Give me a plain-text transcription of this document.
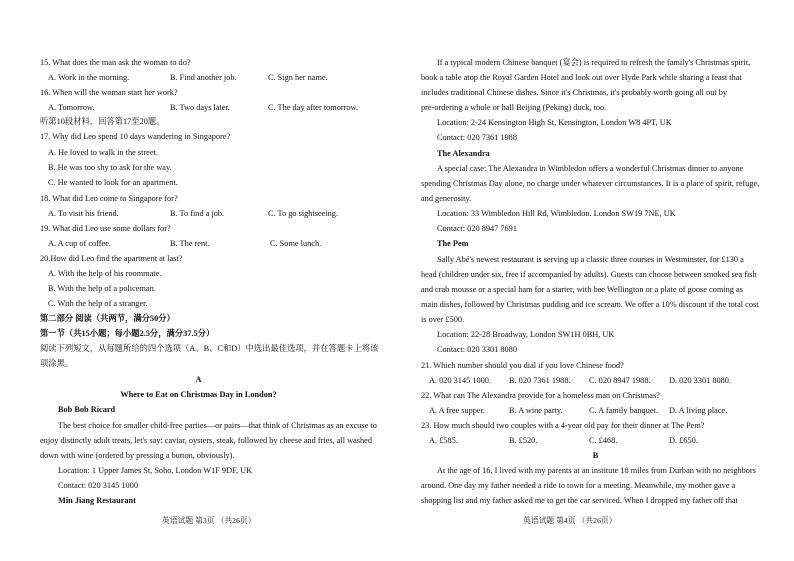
15. What does the man ask the woman to do?
A. Work in the morning.	B. Find another job.	C. Sign her name.
16. When will the woman start her work?
A. Tomorrow.	B. Two days later.	C. The day after tomorrow.
听第10段材料，回答第17至20题。
17. Why did Leo spend 10 days wandering in Singapore?
A. He loved to walk in the street.
B. He was too shy to ask for the way.
C. He wanted to look for an apartment.
18. What did Leo come to Singapore for?
A. To visit his friend.	B. To find a job.	C. To go sightseeing.
19. What did Leo use some dollars for?
A. A cup of coffee.	B. The rent.	C. Some lunch.
20.How did Leo find the apartment at last?
A. With the help of his roommate.
B. With the help of a policeman.
C. With the help of a stranger.
第二部分 阅读（共两节，满分50分）
第一节（共15小题；每小题2.5分，满分37.5分）
阅读下列短文，从每题所给的四个选项（A、B、C和D）中选出最佳选项，并在答题卡上将该
项涂黑。
A
Where to Eat on Christmas Day in London?
Bob Bob Ricard
The best choice for smaller child-free parties—or pairs—that think of Christmas as an excuse to
enjoy distinctly adult treats, let's say: caviar, oysters, steak, followed by cheese and fries, all washed
down with wine (ordered by pressing a button, obviously).
Location: 1 Upper James St, Soho, London W1F 9DF, UK
Contact: 020 3145 1000
Min Jiang Restaurant
英语试题 第3页 （共26页）
If a typical modern Chinese banquet (宴会) is required to refresh the family's Christmas spirit,
book a table atop the Royal Garden Hotel and look out over Hyde Park while sharing a feast that
includes traditional Chinese dishes. Since it's Christmas, it's probably worth going all out by
pre-ordering a whole or hall Beijing (Peking) duck, too.
Location: 2-24 Kensington High St, Kensington, London W8 4PT, UK
Contact: 020 7361 1988
The Alexandra
A special case: The Alexandra in Wimbledon offers a wonderful Christmas dinner to anyone
spending Christmas Day alone, no charge under whatever circumstances. It is a place of spirit, refuge,
and generosity.
Location: 33 Wimbledon Hill Rd, Wimbledon. London SW19 7NE, UK
Contact: 020 8947 7691
The Pem
Sally Abé's newest restaurant is serving up a classic three courses in Westminster, for £130 a
head (children under six, free if accompanied by adults). Guests can choose between smoked sea fish
and crab mousse or a special ham for a starter, with bee Wellington or a plate of goose coming as
main dishes, followed by Christmas pudding and ice scream. We offer a 10% discount if the total cost
is over £500.
Location: 22-28 Broadway, London SW1H 0BH, UK
Contact: 020 3301 8080
21. Which number should you dial if you love Chinese food?
A. 020 3145 1000. B. 020 7361 1988. C. 020 8947 1988. D. 020 3301 8080.
22. What can The Alexandra provide for a homeless man on Christmas?
A. A free supper.	B. A wine party.	C. A family banquet. D. A living place.
23. How much should two couples with a 4-year old pay for their dinner at The Pem?
A. £585.	B. £520.	C. £468.	D. £650.
B
At the age of 16, I lived with my parents at an institute 18 miles from Durban with no neighbors
around. One day my father needed a ride to town for a meeting. Meanwhile, my mother gave a
shopping list and my father asked me to get the car serviced. When I dropped my father off that
英语试题 第4页 （共26页）
